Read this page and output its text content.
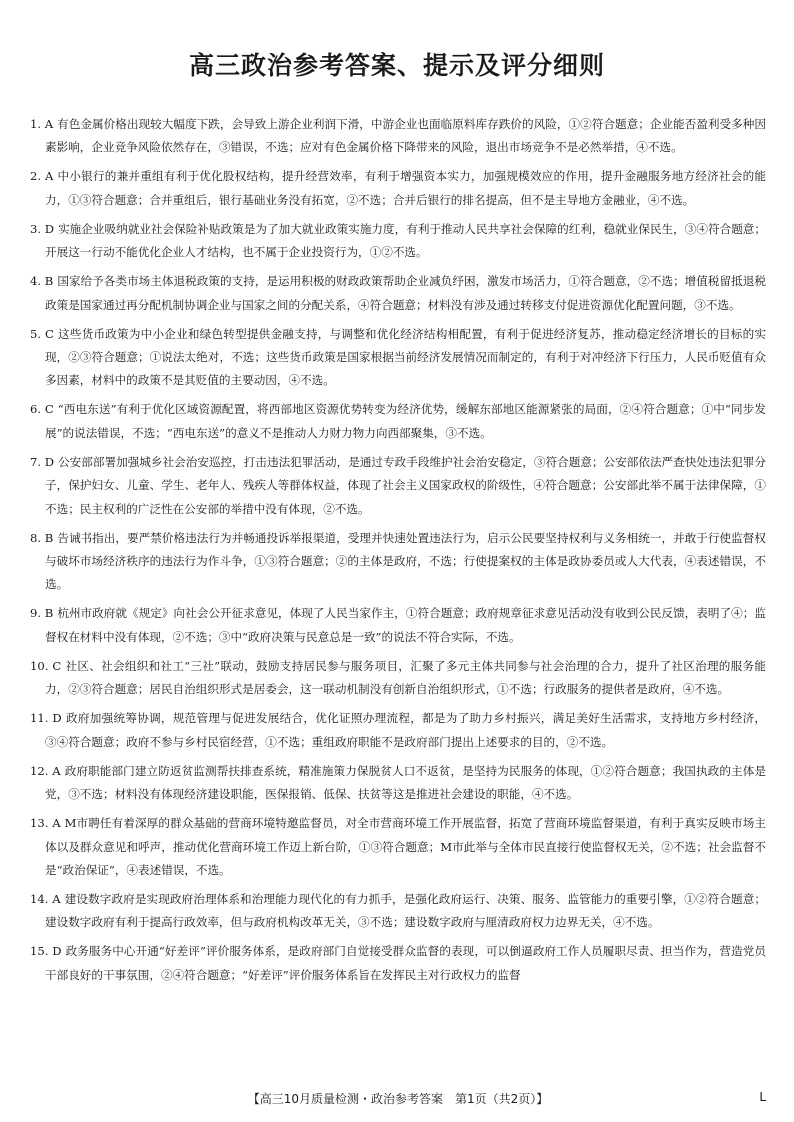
高三政治参考答案、提示及评分细则
1. A 有色金属价格出现较大幅度下跌，会导致上游企业利润下滑，中游企业也面临原料库存跌价的风险，①②符合题意；企业能否盈利受多种因素影响，企业竞争风险依然存在，③错误，不选；应对有色金属价格下降带来的风险，退出市场竞争不是必然举措，④不选。
2. A 中小银行的兼并重组有利于优化股权结构，提升经营效率，有利于增强资本实力，加强规模效应的作用，提升金融服务地方经济社会的能力，①③符合题意；合并重组后，银行基础业务没有拓宽，②不选；合并后银行的排名提高，但不是主导地方金融业，④不选。
3. D 实施企业吸纳就业社会保险补贴政策是为了加大就业政策实施力度，有利于推动人民共享社会保障的红利，稳就业保民生，③④符合题意；开展这一行动不能优化企业人才结构，也不属于企业投资行为，①②不选。
4. B 国家给予各类市场主体退税政策的支持，是运用积极的财政政策帮助企业减负纾困，激发市场活力，①符合题意，②不选；增值税留抵退税政策是国家通过再分配机制协调企业与国家之间的分配关系，④符合题意；材料没有涉及通过转移支付促进资源优化配置问题，③不选。
5. C 这些货币政策为中小企业和绿色转型提供金融支持，与调整和优化经济结构相配置，有利于促进经济复苏，推动稳定经济增长的目标的实现，②③符合题意；①说法太绝对，不选；这些货币政策是国家根据当前经济发展情况而制定的，有利于对冲经济下行压力，人民币贬值有众多因素，材料中的政策不是其贬值的主要动因，④不选。
6. C “西电东送”有利于优化区域资源配置，将西部地区资源优势转变为经济优势，缓解东部地区能源紧张的局面，②④符合题意；①中“同步发展”的说法错误，不选；“西电东送”的意义不是推动人力财力物力向西部聚集，③不选。
7. D 公安部部署加强城乡社会治安巡控，打击违法犯罪活动，是通过专政手段维护社会治安稳定，③符合题意；公安部依法严查快处违法犯罪分子，保护妇女、儿童、学生、老年人、残疾人等群体权益，体现了社会主义国家政权的阶级性，④符合题意；公安部此举不属于法律保障，①不选；民主权利的广泛性在公安部的举措中没有体现，②不选。
8. B 告诫书指出，要严禁价格违法行为并畅通投诉举报渠道，受理并快速处置违法行为，启示公民要坚持权利与义务相统一，并敢于行使监督权与破坏市场经济秩序的违法行为作斗争，①③符合题意；②的主体是政府，不选；行使提案权的主体是政协委员或人大代表，④表述错误，不选。
9. B 杭州市政府就《规定》向社会公开征求意见，体现了人民当家作主，①符合题意；政府规章征求意见活动没有收到公民反馈，表明了④；监督权在材料中没有体现，②不选；③中“政府决策与民意总是一致”的说法不符合实际，不选。
10. C 社区、社会组织和社工“三社”联动，鼓励支持居民参与服务项目，汇聚了多元主体共同参与社会治理的合力，提升了社区治理的服务能力，②③符合题意；居民自治组织形式是居委会，这一联动机制没有创新自治组织形式，①不选；行政服务的提供者是政府，④不选。
11. D 政府加强统筹协调，规范管理与促进发展结合，优化证照办理流程，都是为了助力乡村振兴，满足美好生活需求，支持地方乡村经济，③④符合题意；政府不参与乡村民宿经营，①不选；重组政府职能不是政府部门提出上述要求的目的，②不选。
12. A 政府职能部门建立防返贫监测帮扶排查系统，精准施策力保脱贫人口不返贫，是坚持为民服务的体现，①②符合题意；我国执政的主体是党，③不选；材料没有体现经济建设职能，医保报销、低保、扶贫等这是推进社会建设的职能，④不选。
13. A M市聘任有着深厚的群众基础的营商环境特邀监督员，对全市营商环境工作开展监督，拓宽了营商环境监督渠道，有利于真实反映市场主体以及群众意见和呼声，推动优化营商环境工作迈上新台阶，①③符合题意；M市此举与全体市民直接行使监督权无关，②不选；社会监督不是“政治保证”，④表述错误，不选。
14. A 建设数字政府是实现政府治理体系和治理能力现代化的有力抓手，是强化政府运行、决策、服务、监管能力的重要引擎，①②符合题意；建设数字政府有利于提高行政效率，但与政府机构改革无关，③不选；建设数字政府与厘清政府权力边界无关，④不选。
15. D 政务服务中心开通“好差评”评价服务体系，是政府部门自觉接受群众监督的表现，可以倒逼政府工作人员履职尽责、担当作为，营造党员干部良好的干事氛围，②④符合题意；“好差评”评价服务体系旨在发挥民主对行政权力的监督
【高三10月质量检测・政治参考答案　第1页（共2页）】	L
